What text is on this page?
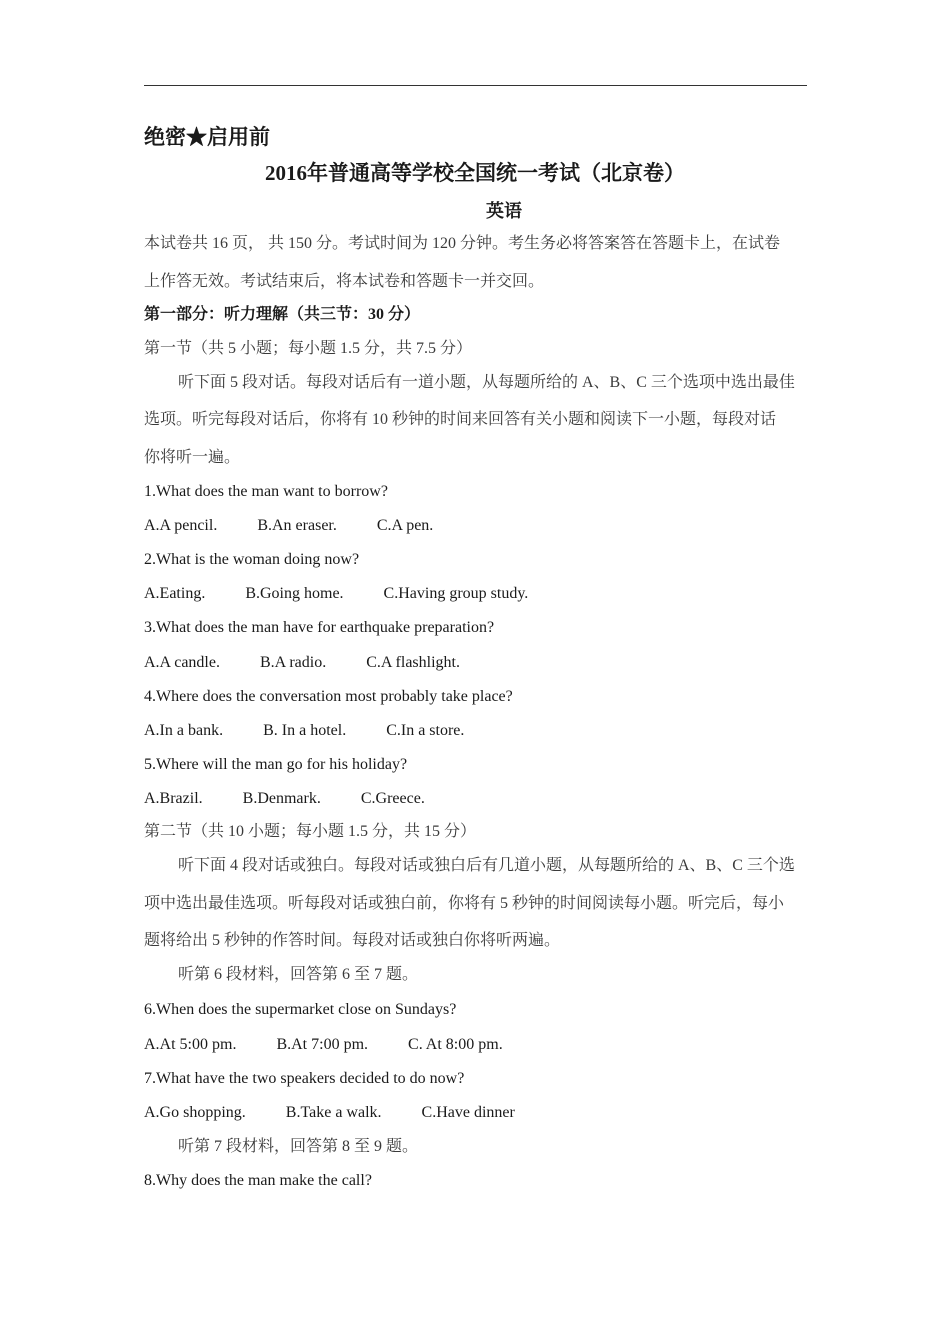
绝密★启用前
2016年普通高等学校全国统一考试（北京卷）
英语
本试卷共 16 页， 共 150 分。考试时间为 120 分钟。考生务必将答案答在答题卡上，在试卷
上作答无效。考试结束后，将本试卷和答题卡一并交回。
第一部分：听力理解（共三节：30 分）
第一节（共 5 小题；每小题 1.5 分，共 7.5 分）
听下面 5 段对话。每段对话后有一道小题，从每题所给的 A、B、C 三个选项中选出最佳
选项。听完每段对话后，你将有 10 秒钟的时间来回答有关小题和阅读下一小题，每段对话
你将听一遍。
1.What does the man want to borrow?
A.A pencil.	B.An eraser.	C.A pen.
2.What is the woman doing now?
A.Eating.	B.Going home.	C.Having group study.
3.What does the man have for earthquake preparation?
A.A candle.	B.A radio.	C.A flashlight.
4.Where does the conversation most probably take place?
A.In a bank.	B. In a hotel.	C.In a store.
5.Where will the man go for his holiday?
A.Brazil.	B.Denmark.	C.Greece.
第二节（共 10 小题；每小题 1.5 分，共 15 分）
听下面 4 段对话或独白。每段对话或独白后有几道小题，从每题所给的 A、B、C 三个选
项中选出最佳选项。听每段对话或独白前，你将有 5 秒钟的时间阅读每小题。听完后，每小
题将给出 5 秒钟的作答时间。每段对话或独白你将听两遍。
听第 6 段材料，回答第 6 至 7 题。
6.When does the supermarket close on Sundays?
A.At 5:00 pm.	B.At 7:00 pm.	C. At 8:00 pm.
7.What have the two speakers decided to do now?
A.Go shopping.	B.Take a walk.	C.Have dinner
听第 7 段材料，回答第 8 至 9 题。
8.Why does the man make the call?
